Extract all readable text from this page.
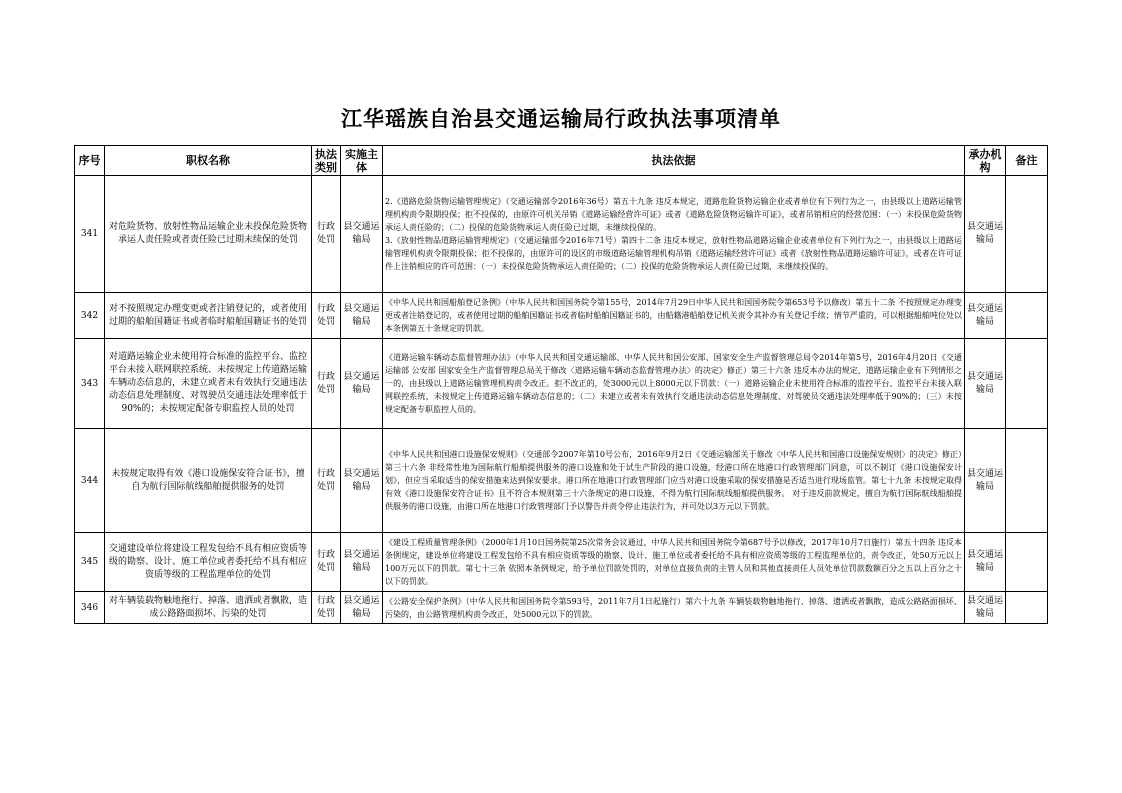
江华瑶族自治县交通运输局行政执法事项清单
序号	职权名称	执法类别	实施主体	执法依据	承办机构	备注
341	对危险货物、放射性物品运输企业未投保危险货物承运人责任险或者责任险已过期未续保的处罚	行政处罚	县交通运输局	2.《道路危险货物运输管理规定》（交通运输部令2016年36号）第五十九条 违反本规定，道路危险货物运输企业或者单位有下列行为之一，由县级以上道路运输管理机构责令限期投保；拒不投保的，由原许可机关吊销《道路运输经营许可证》或者《道路危险货物运输许可证》，或者吊销相应的经营范围：（一）未投保危险货物承运人责任险的；（二）投保的危险货物承运人责任险已过期，未继续投保的。
3.《放射性物品道路运输管理规定》（交通运输部令2016年71号）第四十二条 违反本规定，放射性物品道路运输企业或者单位有下列行为之一，由县级以上道路运输管理机构责令限期投保；拒不投保的，由原许可的设区的市级道路运输管理机构吊销《道路运输经营许可证》或者《放射性物品道路运输许可证》，或者在许可证件上注销相应的许可范围：（一）未投保危险货物承运人责任险的；（二）投保的危险货物承运人责任险已过期，未继续投保的。	县交通运输局	
342	对不按照规定办理变更或者注销登记的，或者使用过期的船舶国籍证书或者临时船舶国籍证书的处罚	行政处罚	县交通运输局	《中华人民共和国船舶登记条例》（中华人民共和国国务院令第155号，2014年7月29日中华人民共和国国务院令第653号予以修改）第五十二条 不按照规定办理变更或者注销登记的，或者使用过期的船舶国籍证书或者临时船舶国籍证书的，由船籍港船舶登记机关责令其补办有关登记手续；情节严重的，可以根据船舶吨位处以本条例第五十条规定的罚款。	县交通运输局	
343	对道路运输企业未使用符合标准的监控平台、监控平台未接入联网联控系统、未按规定上传道路运输车辆动态信息的，未建立或者未有效执行交通违法动态信息处理制度、对驾驶员交通违法处理率低于90%的；未按规定配备专职监控人员的处罚	行政处罚	县交通运输局	《道路运输车辆动态监督管理办法》（中华人民共和国交通运输部、中华人民共和国公安部、国家安全生产监督管理总局令2014年第5号，2016年4月20日《交通运输部 公安部 国家安全生产监督管理总局关于修改〈道路运输车辆动态监督管理办法〉的决定》修正）第三十六条 违反本办法的规定，道路运输企业有下列情形之一的，由县级以上道路运输管理机构责令改正。拒不改正的，处3000元以上8000元以下罚款：（一）道路运输企业未使用符合标准的监控平台、监控平台未接入联网联控系统、未按规定上传道路运输车辆动态信息的；（二）未建立或者未有效执行交通违法动态信息处理制度、对驾驶员交通违法处理率低于90%的；（三）未按规定配备专职监控人员的。	县交通运输局	
344	未按规定取得有效《港口设施保安符合证书》，擅自为航行国际航线船舶提供服务的处罚	行政处罚	县交通运输局	《中华人民共和国港口设施保安规则》（交通部令2007年第10号公布，2016年9月2日《交通运输部关于修改〈中华人民共和国港口设施保安规则〉的决定》修正）第三十六条 非经常性地为国际航行船舶提供服务的港口设施和处于试生产阶段的港口设施，经港口所在地港口行政管理部门同意，可以不制订《港口设施保安计划》，但应当采取适当的保安措施来达到保安要求。港口所在地港口行政管理部门应当对港口设施采取的保安措施是否适当进行现场监管。第七十九条 未按规定取得有效《港口设施保安符合证书》且不符合本规则第三十六条规定的港口设施，不得为航行国际航线船舶提供服务。 对于违反前款规定，擅自为航行国际航线船舶提供服务的港口设施，由港口所在地港口行政管理部门予以警告并责令停止违法行为，并可处以3万元以下罚款。	县交通运输局	
345	交通建设单位将建设工程发包给不具有相应资质等级的勘察、设计、施工单位或者委托给不具有相应资质等级的工程监理单位的处罚	行政处罚	县交通运输局	《建设工程质量管理条例》（2000年1月10日国务院第25次常务会议通过，中华人民共和国国务院令第687号予以修改，2017年10月7日施行）第五十四条 违反本条例规定，建设单位将建设工程发包给不具有相应资质等级的勘察、设计、施工单位或者委托给不具有相应资质等级的工程监理单位的，责令改正，处50万元以上100万元以下的罚款。第七十三条 依照本条例规定，给予单位罚款处罚的，对单位直接负责的主管人员和其他直接责任人员处单位罚款数额百分之五以上百分之十以下的罚款。	县交通运输局	
346	对车辆装载物触地拖行、掉落、遗洒或者飘散，造成公路路面损坏、污染的处罚	行政处罚	县交通运输局	《公路安全保护条例》（中华人民共和国国务院令第593号，2011年7月1日起施行）第六十九条 车辆装载物触地拖行、掉落、遗洒或者飘散，造成公路路面损坏、污染的，由公路管理机构责令改正，处5000元以下的罚款。	县交通运输局	
